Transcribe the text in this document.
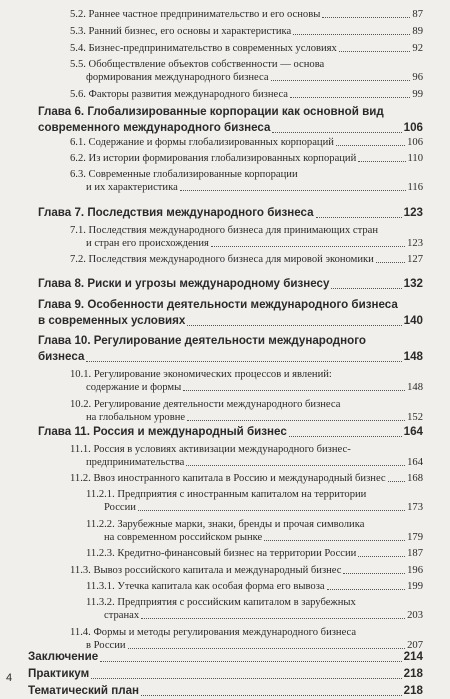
5.2. Раннее частное предпринимательство и его основы	87
5.3. Ранний бизнес, его основы и характеристика	89
5.4. Бизнес-предпринимательство в современных условиях	92
5.5. Обобществление объектов собственности — основа
формирования международного бизнеса	96
5.6. Факторы развития международного бизнеса	99
Глава 6. Глобализированные корпорации как основной вид
современного международного бизнеса	106
6.1. Содержание и формы глобализированных корпораций	106
6.2. Из истории формирования глобализированных корпораций	110
6.3. Современные глобализированные корпорации
и их характеристика	116
Глава 7. Последствия международного бизнеса	123
7.1. Последствия международного бизнеса для принимающих стран
и стран его происхождения	123
7.2. Последствия международного бизнеса для мировой экономики	127
Глава 8. Риски и угрозы международному бизнесу	132
Глава 9. Особенности деятельности международного бизнеса
в современных условиях	140
Глава 10. Регулирование деятельности международного
бизнеса	148
10.1. Регулирование экономических процессов и явлений:
содержание и формы	148
10.2. Регулирование деятельности международного бизнеса
на глобальном уровне	152
Глава 11. Россия и международный бизнес	164
11.1. Россия в условиях активизации международного бизнес-
предпринимательства	164
11.2. Ввоз иностранного капитала в Россию и международный бизнес 168
11.2.1. Предприятия с иностранным капиталом на территории
России	173
11.2.2. Зарубежные марки, знаки, бренды и прочая символика
на современном российском рынке	179
11.2.3. Кредитно-финансовый бизнес на территории России	187
11.3. Вывоз российского капитала и международный бизнес	196
11.3.1. Утечка капитала как особая форма его вывоза	199
11.3.2. Предприятия с российским капиталом в зарубежных
странах	203
11.4. Формы и методы регулирования международного бизнеса
в России	207
Заключение	214
Практикум	218
Тематический план	218
4
